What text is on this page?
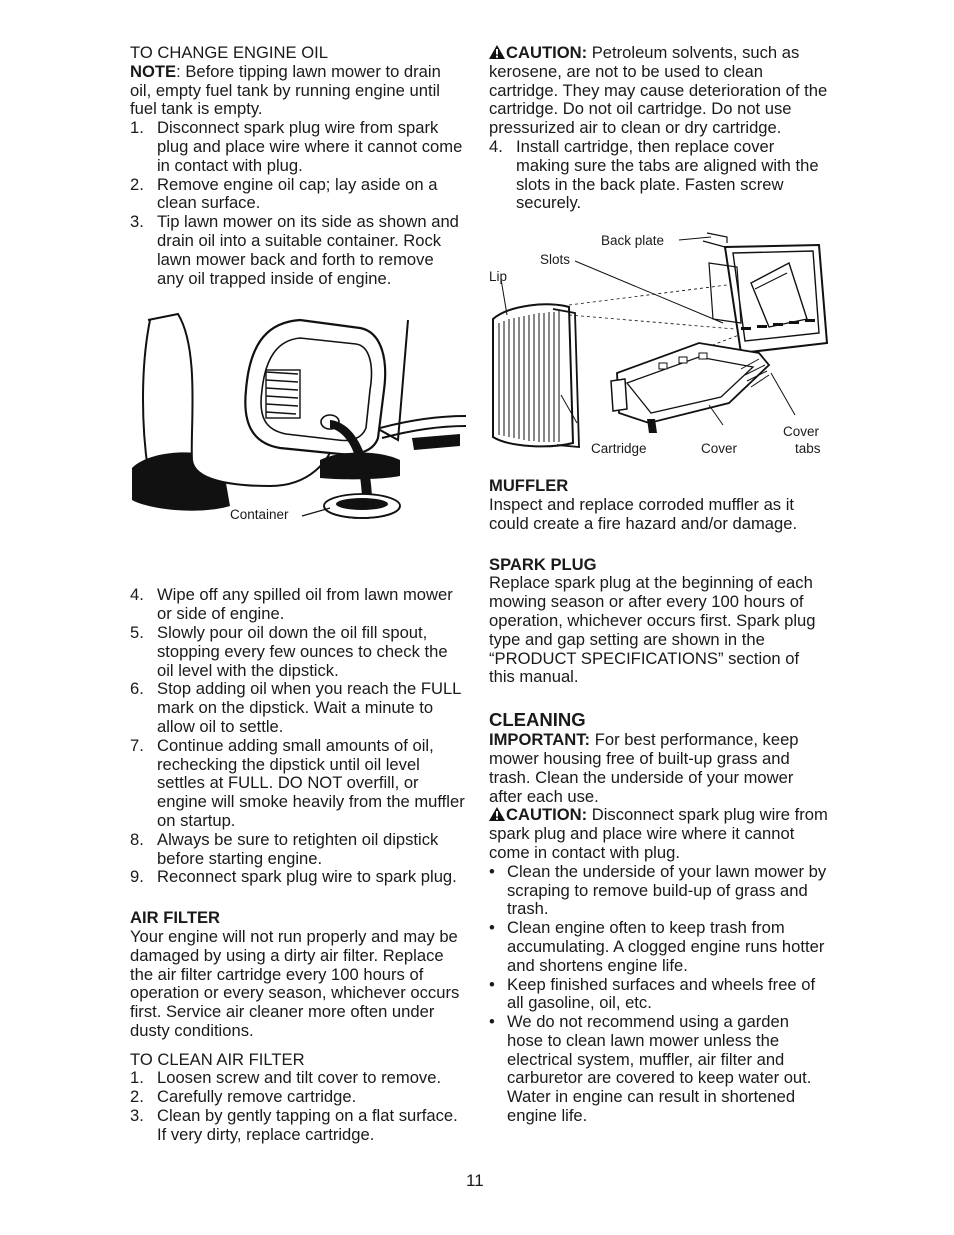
TO CHANGE ENGINE OIL

NOTE: Before tipping lawn mower to drain oil, empty fuel tank by running engine until fuel tank is empty.

1. Disconnect spark plug wire from spark plug and place wire where it cannot come in contact with plug.
2. Remove engine oil cap; lay aside on a clean surface.
3. Tip lawn mower on its side as shown and drain oil into a suitable container. Rock lawn mower back and forth to remove any oil trapped inside of engine.
Container
4. Wipe off any spilled oil from lawn mower or side of engine.
5. Slowly pour oil down the oil fill spout, stopping every few ounces to check the oil level with the dipstick.
6. Stop adding oil when you reach the FULL mark on the dipstick. Wait a minute to allow oil to settle.
7. Continue adding small amounts of oil, rechecking the dipstick until oil level settles at FULL. DO NOT overfill, or engine will smoke heavily from the muffler on startup.
8. Always be sure to retighten oil dipstick before starting engine.
9. Reconnect spark plug wire to spark plug.

AIR FILTER

Your engine will not run properly and may be damaged by using a dirty air filter. Replace the air filter cartridge every 100 hours of operation or every season, whichever occurs first. Service air cleaner more often under dusty conditions.

TO CLEAN AIR FILTER

1. Loosen screw and tilt cover to remove.
2. Carefully remove cartridge.
3. Clean by gently tapping on a flat surface. If very dirty, replace cartridge.

CAUTION: Petroleum solvents, such as kerosene, are not to be used to clean cartridge. They may cause deterioration of the cartridge. Do not oil cartridge. Do not use pressurized air to clean or dry cartridge.

4. Install cartridge, then replace cover making sure the tabs are aligned with the slots in the back plate. Fasten screw securely.
Back plate
Slots
Lip
Cartridge	Cover
Cover
tabs

MUFFLER

Inspect and replace corroded muffler as it could create a fire hazard and/or damage.

SPARK PLUG

Replace spark plug at the beginning of each mowing season or after every 100 hours of operation, whichever occurs first. Spark plug type and gap setting are shown in the “PRODUCT SPECIFICATIONS” section of this manual.

CLEANING

IMPORTANT: For best performance, keep mower housing free of built-up grass and trash. Clean the underside of your mower after each use.

CAUTION: Disconnect spark plug wire from spark plug and place wire where it cannot come in contact with plug.

• Clean the underside of your lawn mower by scraping to remove build-up of grass and trash.
• Clean engine often to keep trash from accumulating. A clogged engine runs hotter and shortens engine life.
• Keep finished surfaces and wheels free of all gasoline, oil, etc.
• We do not recommend using a garden hose to clean lawn mower unless the electrical system, muffler, air filter and carburetor are covered to keep water out. Water in engine can result in shortened engine life.
11
